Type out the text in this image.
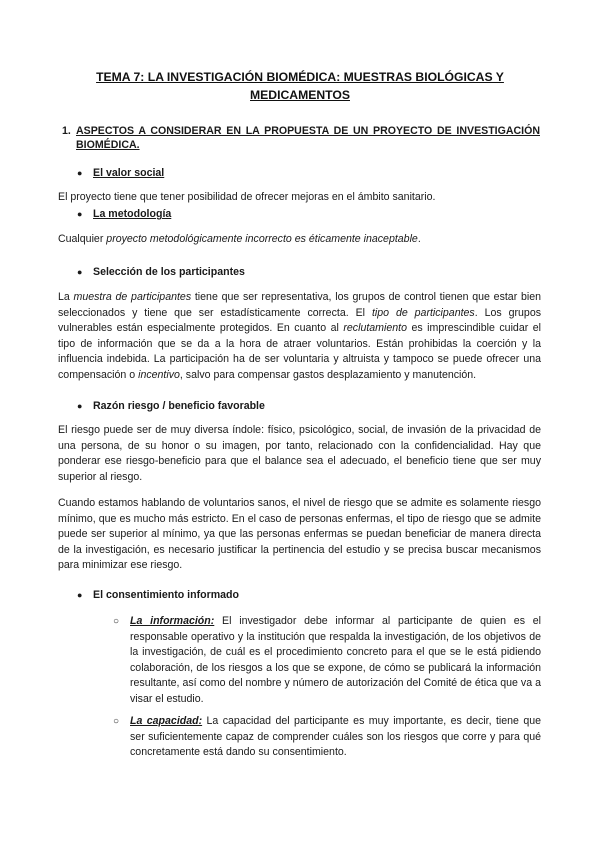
TEMA 7: LA INVESTIGACIÓN BIOMÉDICA: MUESTRAS BIOLÓGICAS Y MEDICAMENTOS
1. ASPECTOS A CONSIDERAR EN LA PROPUESTA DE UN PROYECTO DE INVESTIGACIÓN BIOMÉDICA.
● El valor social
El proyecto tiene que tener posibilidad de ofrecer mejoras en el ámbito sanitario.
● La metodología
Cualquier proyecto metodológicamente incorrecto es éticamente inaceptable.
● Selección de los participantes
La muestra de participantes tiene que ser representativa, los grupos de control tienen que estar bien seleccionados y tiene que ser estadísticamente correcta. El tipo de participantes. Los grupos vulnerables están especialmente protegidos. En cuanto al reclutamiento es imprescindible cuidar el tipo de información que se da a la hora de atraer voluntarios. Están prohibidas la coerción y la influencia indebida. La participación ha de ser voluntaria y altruista y tampoco se puede ofrecer una compensación o incentivo, salvo para compensar gastos desplazamiento y manutención.
● Razón riesgo / beneficio favorable
El riesgo puede ser de muy diversa índole: físico, psicológico, social, de invasión de la privacidad de una persona, de su honor o su imagen, por tanto, relacionado con la confidencialidad. Hay que ponderar ese riesgo-beneficio para que el balance sea el adecuado, el beneficio tiene que ser muy superior al riesgo.
Cuando estamos hablando de voluntarios sanos, el nivel de riesgo que se admite es solamente riesgo mínimo, que es mucho más estricto. En el caso de personas enfermas, el tipo de riesgo que se admite puede ser superior al mínimo, ya que las personas enfermas se puedan beneficiar de manera directa de la investigación, es necesario justificar la pertinencia del estudio y se precisa buscar mecanismos para minimizar ese riesgo.
● El consentimiento informado
○ La información: El investigador debe informar al participante de quien es el responsable operativo y la institución que respalda la investigación, de los objetivos de la investigación, de cuál es el procedimiento concreto para el que se le está pidiendo colaboración, de los riesgos a los que se expone, de cómo se publicará la información resultante, así como del nombre y número de autorización del Comité de ética que va a visar el estudio.
○ La capacidad: La capacidad del participante es muy importante, es decir, tiene que ser suficientemente capaz de comprender cuáles son los riesgos que corre y para qué concretamente está dando su consentimiento.
